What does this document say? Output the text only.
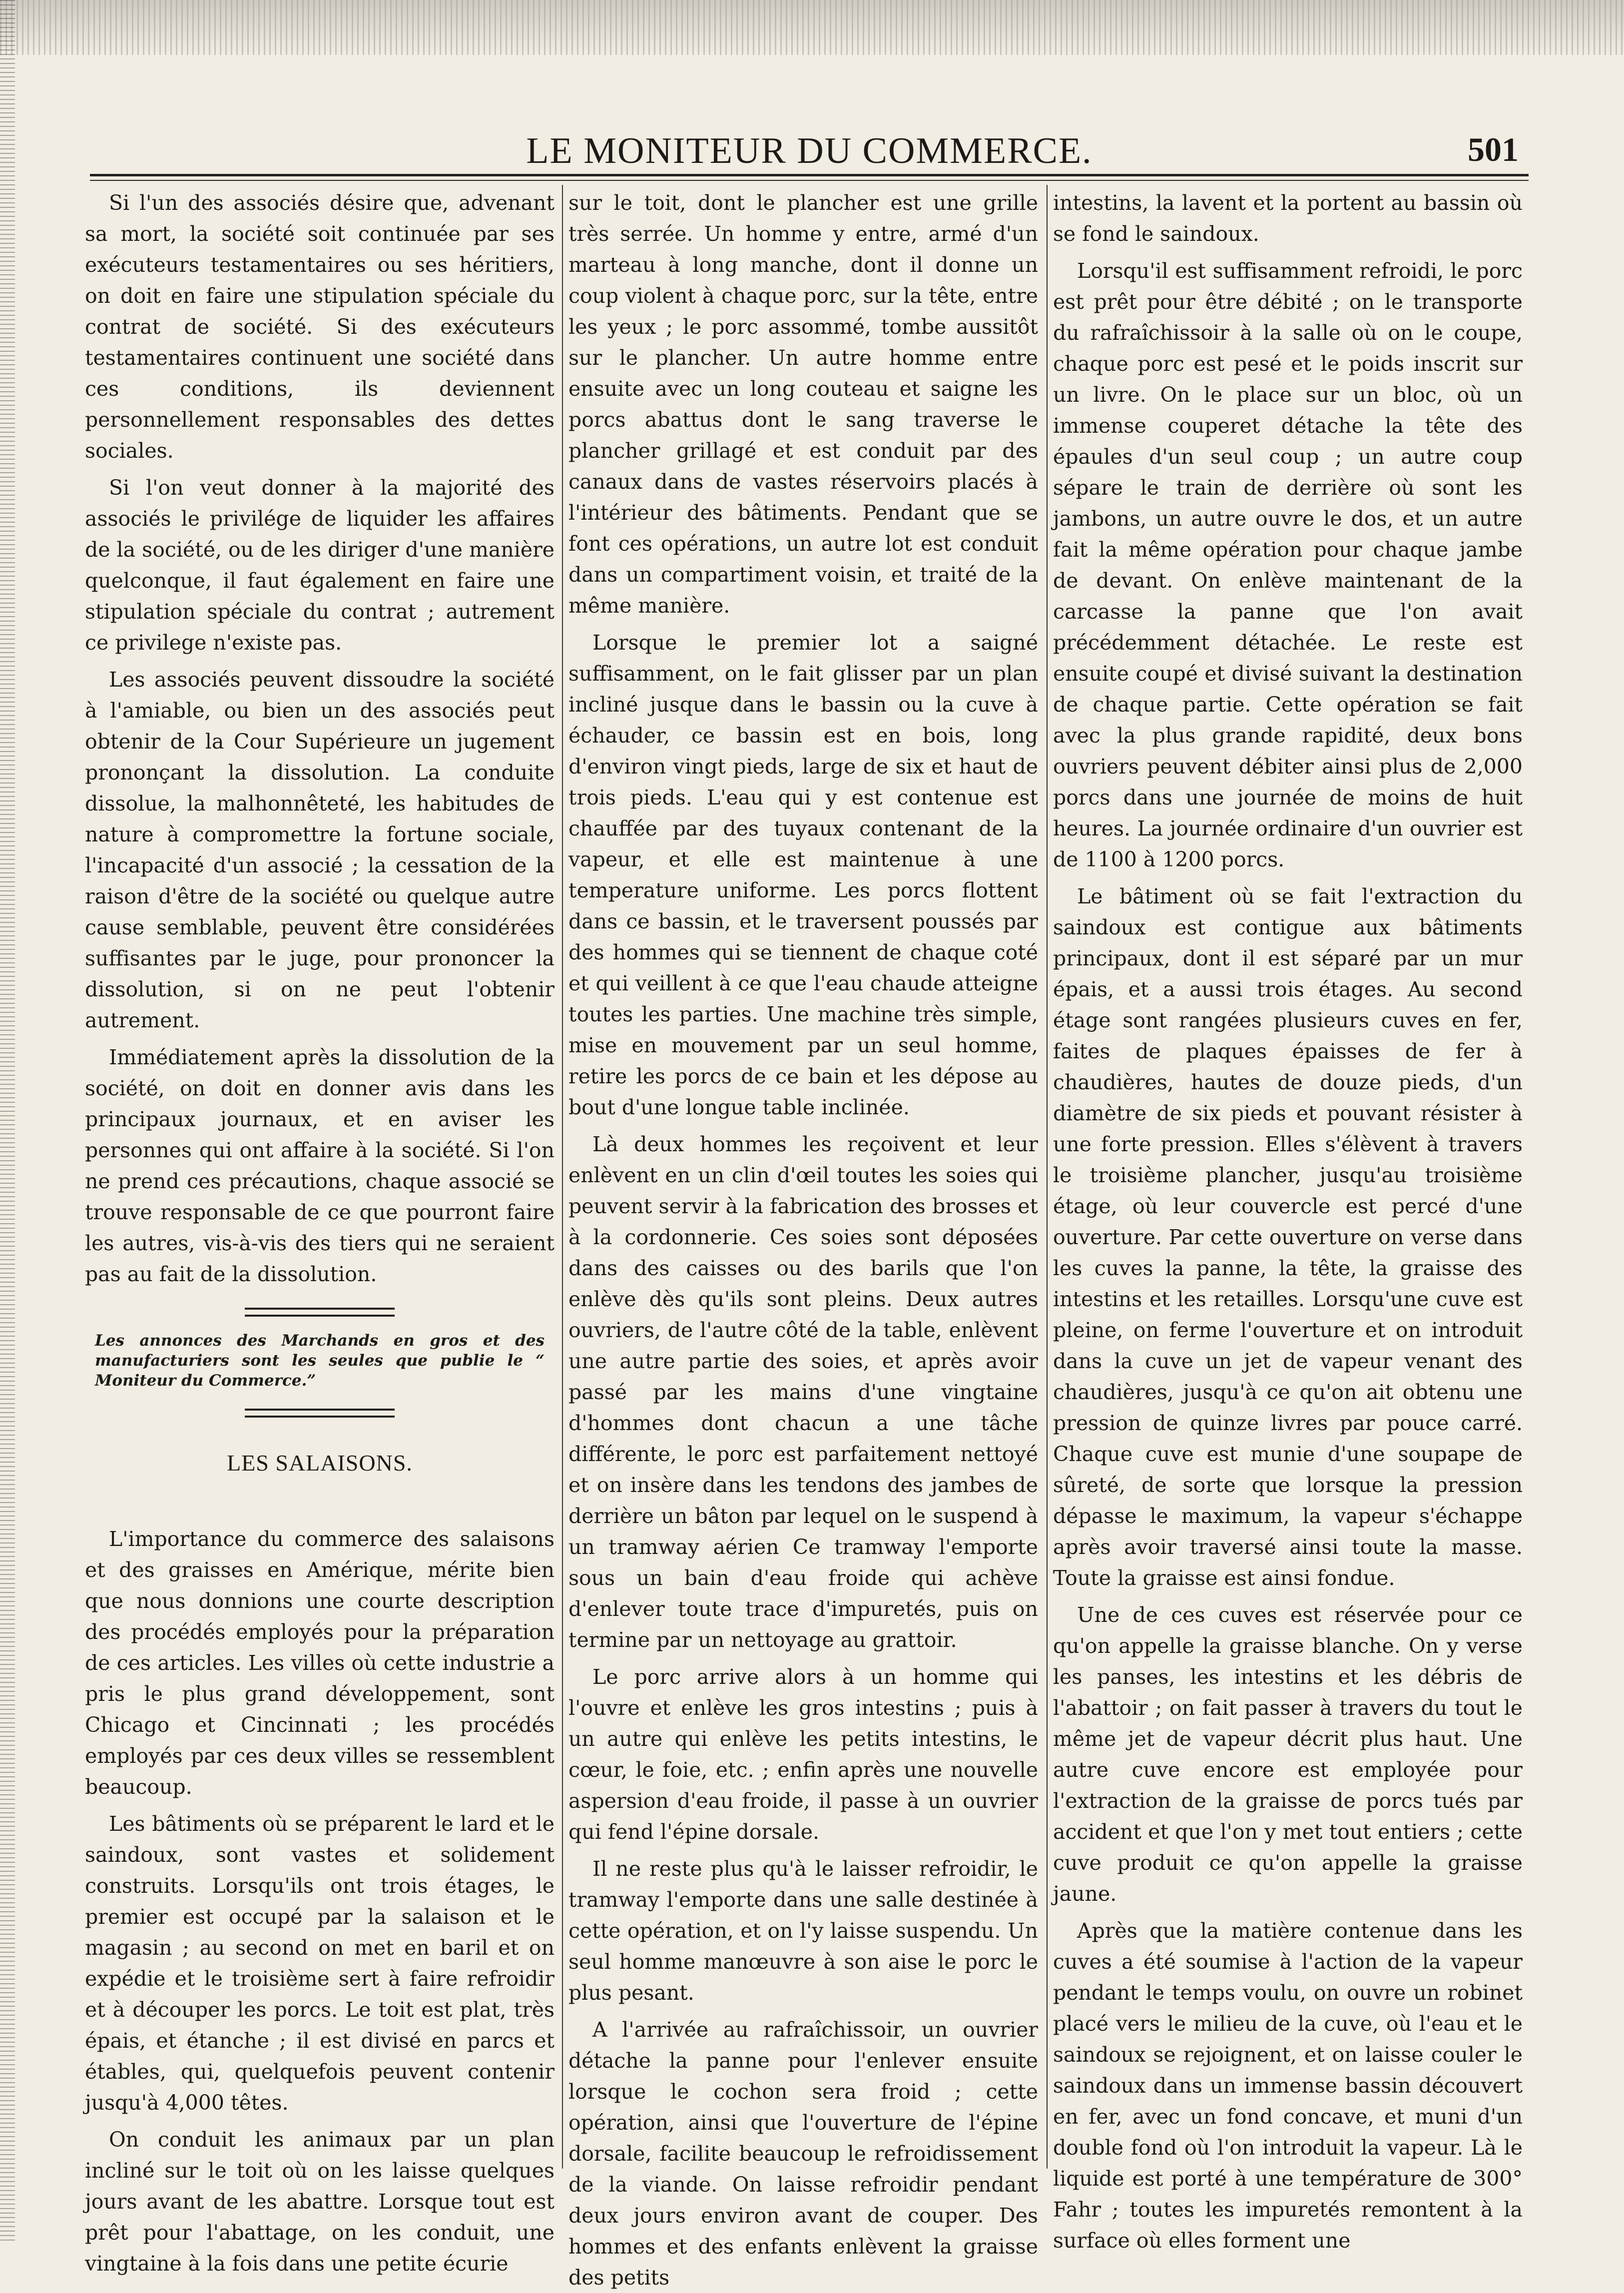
LE MONITEUR DU COMMERCE.	501

Si l'un des associés désire que, advenant sa mort, la société soit continuée par ses exécuteurs testamentaires ou ses héritiers, on doit en faire une stipulation spéciale du contrat de société. Si des exécuteurs testamentaires continuent une société dans ces conditions, ils deviennent personnellement responsables des dettes sociales.

Si l'on veut donner à la majorité des associés le privilége de liquider les affaires de la société, ou de les diriger d'une manière quelconque, il faut également en faire une stipulation spéciale du contrat ; autrement ce privilege n'existe pas.

Les associés peuvent dissoudre la société à l'amiable, ou bien un des associés peut obtenir de la Cour Supérieure un jugement prononçant la dissolution. La conduite dissolue, la malhonnêteté, les habitudes de nature à compromettre la fortune sociale, l'incapacité d'un associé ; la cessation de la raison d'être de la société ou quelque autre cause semblable, peuvent être considérées suffisantes par le juge, pour prononcer la dissolution, si on ne peut l'obtenir autrement.

Immédiatement après la dissolution de la société, on doit en donner avis dans les principaux journaux, et en aviser les personnes qui ont affaire à la société. Si l'on ne prend ces précautions, chaque associé se trouve responsable de ce que pourront faire les autres, vis-à-vis des tiers qui ne seraient pas au fait de la dissolution.

Les annonces des Marchands en gros et des manufacturiers sont les seules que publie le “ Moniteur du Commerce.”

LES SALAISONS.

L'importance du commerce des salaisons et des graisses en Amérique, mérite bien que nous donnions une courte description des procédés employés pour la préparation de ces articles. Les villes où cette industrie a pris le plus grand développement, sont Chicago et Cincinnati ; les procédés employés par ces deux villes se ressemblent beaucoup.

Les bâtiments où se préparent le lard et le saindoux, sont vastes et solidement construits. Lorsqu'ils ont trois étages, le premier est occupé par la salaison et le magasin ; au second on met en baril et on expédie et le troisième sert à faire refroidir et à découper les porcs. Le toit est plat, très épais, et étanche ; il est divisé en parcs et étables, qui, quelquefois peuvent contenir jusqu'à 4,000 têtes.

On conduit les animaux par un plan incliné sur le toit où on les laisse quelques jours avant de les abattre. Lorsque tout est prêt pour l'abattage, on les conduit, une vingtaine à la fois dans une petite écurie

sur le toit, dont le plancher est une grille très serrée. Un homme y entre, armé d'un marteau à long manche, dont il donne un coup violent à chaque porc, sur la tête, entre les yeux ; le porc assommé, tombe aussitôt sur le plancher. Un autre homme entre ensuite avec un long couteau et saigne les porcs abattus dont le sang traverse le plancher grillagé et est conduit par des canaux dans de vastes réservoirs placés à l'intérieur des bâtiments. Pendant que se font ces opérations, un autre lot est conduit dans un compartiment voisin, et traité de la même manière.

Lorsque le premier lot a saigné suffisamment, on le fait glisser par un plan incliné jusque dans le bassin ou la cuve à échauder, ce bassin est en bois, long d'environ vingt pieds, large de six et haut de trois pieds. L'eau qui y est contenue est chauffée par des tuyaux contenant de la vapeur, et elle est maintenue à une temperature uniforme. Les porcs flottent dans ce bassin, et le traversent poussés par des hommes qui se tiennent de chaque coté et qui veillent à ce que l'eau chaude atteigne toutes les parties. Une machine très simple, mise en mouvement par un seul homme, retire les porcs de ce bain et les dépose au bout d'une longue table inclinée.

Là deux hommes les reçoivent et leur enlèvent en un clin d'œil toutes les soies qui peuvent servir à la fabrication des brosses et à la cordonnerie. Ces soies sont déposées dans des caisses ou des barils que l'on enlève dès qu'ils sont pleins. Deux autres ouvriers, de l'autre côté de la table, enlèvent une autre partie des soies, et après avoir passé par les mains d'une vingtaine d'hommes dont chacun a une tâche différente, le porc est parfaitement nettoyé et on insère dans les tendons des jambes de derrière un bâton par lequel on le suspend à un tramway aérien Ce tramway l'emporte sous un bain d'eau froide qui achève d'enlever toute trace d'impuretés, puis on termine par un nettoyage au grattoir.

Le porc arrive alors à un homme qui l'ouvre et enlève les gros intestins ; puis à un autre qui enlève les petits intestins, le cœur, le foie, etc. ; enfin après une nouvelle aspersion d'eau froide, il passe à un ouvrier qui fend l'épine dorsale.

Il ne reste plus qu'à le laisser refroidir, le tramway l'emporte dans une salle destinée à cette opération, et on l'y laisse suspendu. Un seul homme manœuvre à son aise le porc le plus pesant.

A l'arrivée au rafraîchissoir, un ouvrier détache la panne pour l'enlever ensuite lorsque le cochon sera froid ; cette opération, ainsi que l'ouverture de l'épine dorsale, facilite beaucoup le refroidissement de la viande. On laisse refroidir pendant deux jours environ avant de couper. Des hommes et des enfants enlèvent la graisse des petits

intestins, la lavent et la portent au bassin où se fond le saindoux.

Lorsqu'il est suffisamment refroidi, le porc est prêt pour être débité ; on le transporte du rafraîchissoir à la salle où on le coupe, chaque porc est pesé et le poids inscrit sur un livre. On le place sur un bloc, où un immense couperet détache la tête des épaules d'un seul coup ; un autre coup sépare le train de derrière où sont les jambons, un autre ouvre le dos, et un autre fait la même opération pour chaque jambe de devant. On enlève maintenant de la carcasse la panne que l'on avait précédemment détachée. Le reste est ensuite coupé et divisé suivant la destination de chaque partie. Cette opération se fait avec la plus grande rapidité, deux bons ouvriers peuvent débiter ainsi plus de 2,000 porcs dans une journée de moins de huit heures. La journée ordinaire d'un ouvrier est de 1100 à 1200 porcs.

Le bâtiment où se fait l'extraction du saindoux est contigue aux bâtiments principaux, dont il est séparé par un mur épais, et a aussi trois étages. Au second étage sont rangées plusieurs cuves en fer, faites de plaques épaisses de fer à chaudières, hautes de douze pieds, d'un diamètre de six pieds et pouvant résister à une forte pression. Elles s'élèvent à travers le troisième plancher, jusqu'au troisième étage, où leur couvercle est percé d'une ouverture. Par cette ouverture on verse dans les cuves la panne, la tête, la graisse des intestins et les retailles. Lorsqu'une cuve est pleine, on ferme l'ouverture et on introduit dans la cuve un jet de vapeur venant des chaudières, jusqu'à ce qu'on ait obtenu une pression de quinze livres par pouce carré. Chaque cuve est munie d'une soupape de sûreté, de sorte que lorsque la pression dépasse le maximum, la vapeur s'échappe après avoir traversé ainsi toute la masse. Toute la graisse est ainsi fondue.

Une de ces cuves est réservée pour ce qu'on appelle la graisse blanche. On y verse les panses, les intestins et les débris de l'abattoir ; on fait passer à travers du tout le même jet de vapeur décrit plus haut. Une autre cuve encore est employée pour l'extraction de la graisse de porcs tués par accident et que l'on y met tout entiers ; cette cuve produit ce qu'on appelle la graisse jaune.

Après que la matière contenue dans les cuves a été soumise à l'action de la vapeur pendant le temps voulu, on ouvre un robinet placé vers le milieu de la cuve, où l'eau et le saindoux se rejoignent, et on laisse couler le saindoux dans un immense bassin découvert en fer, avec un fond concave, et muni d'un double fond où l'on introduit la vapeur. Là le liquide est porté à une température de 300° Fahr ; toutes les impuretés remontent à la surface où elles forment une
